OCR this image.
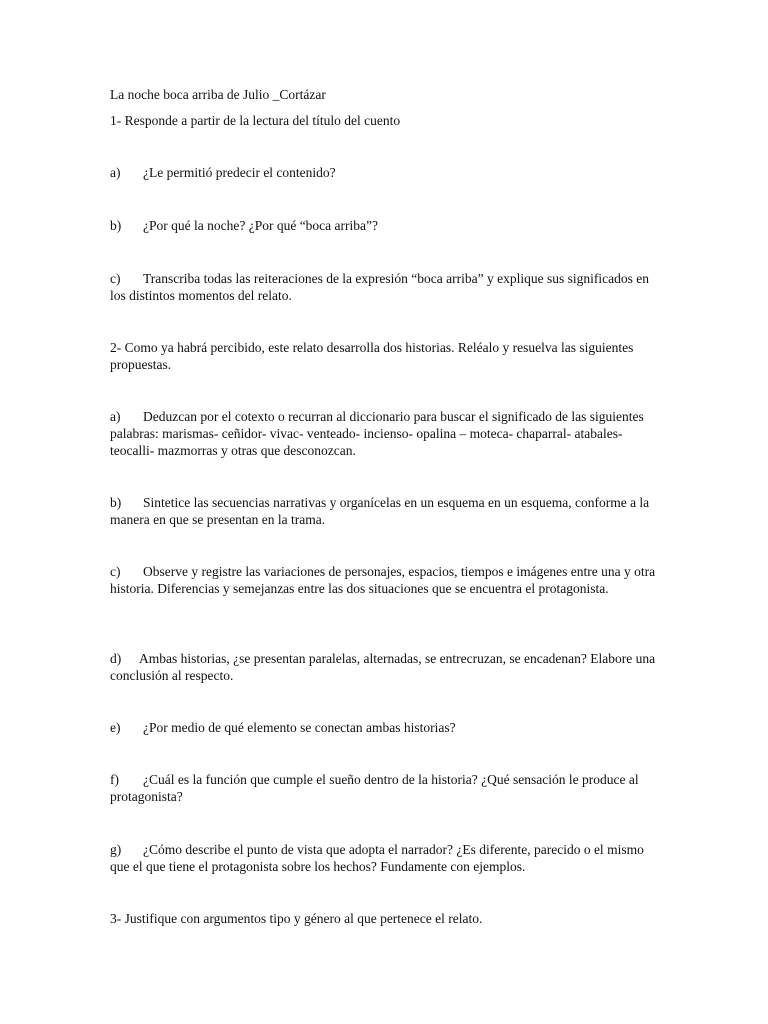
La noche boca arriba de Julio _Cortázar
1- Responde a partir de la lectura del título del cuento
a) ¿Le permitió predecir el contenido?
b) ¿Por qué la noche? ¿Por qué “boca arriba”?
c) Transcriba todas las reiteraciones de la expresión “boca arriba” y explique sus significados en los distintos momentos del relato.
2- Como ya habrá percibido, este relato desarrolla dos historias. Reléalo y resuelva las siguientes propuestas.
a) Deduzcan por el cotexto o recurran al diccionario para buscar el significado de las siguientes palabras: marismas- ceñidor- vivac- venteado- incienso- opalina – moteca- chaparral- atabales- teocalli- mazmorras y otras que desconozcan.
b) Sintetice las secuencias narrativas y organícelas en un esquema en un esquema, conforme a la manera en que se presentan en la trama.
c) Observe y registre las variaciones de personajes, espacios, tiempos e imágenes entre una y otra historia. Diferencias y semejanzas entre las dos situaciones que se encuentra el protagonista.
d) Ambas historias, ¿se presentan paralelas, alternadas, se entrecruzan, se encadenan? Elabore una conclusión al respecto.
e) ¿Por medio de qué elemento se conectan ambas historias?
f) ¿Cuál es la función que cumple el sueño dentro de la historia? ¿Qué sensación le produce al protagonista?
g) ¿Cómo describe el punto de vista que adopta el narrador? ¿Es diferente, parecido o el mismo que el que tiene el protagonista sobre los hechos? Fundamente con ejemplos.
3- Justifique con argumentos tipo y género al que pertenece el relato.
